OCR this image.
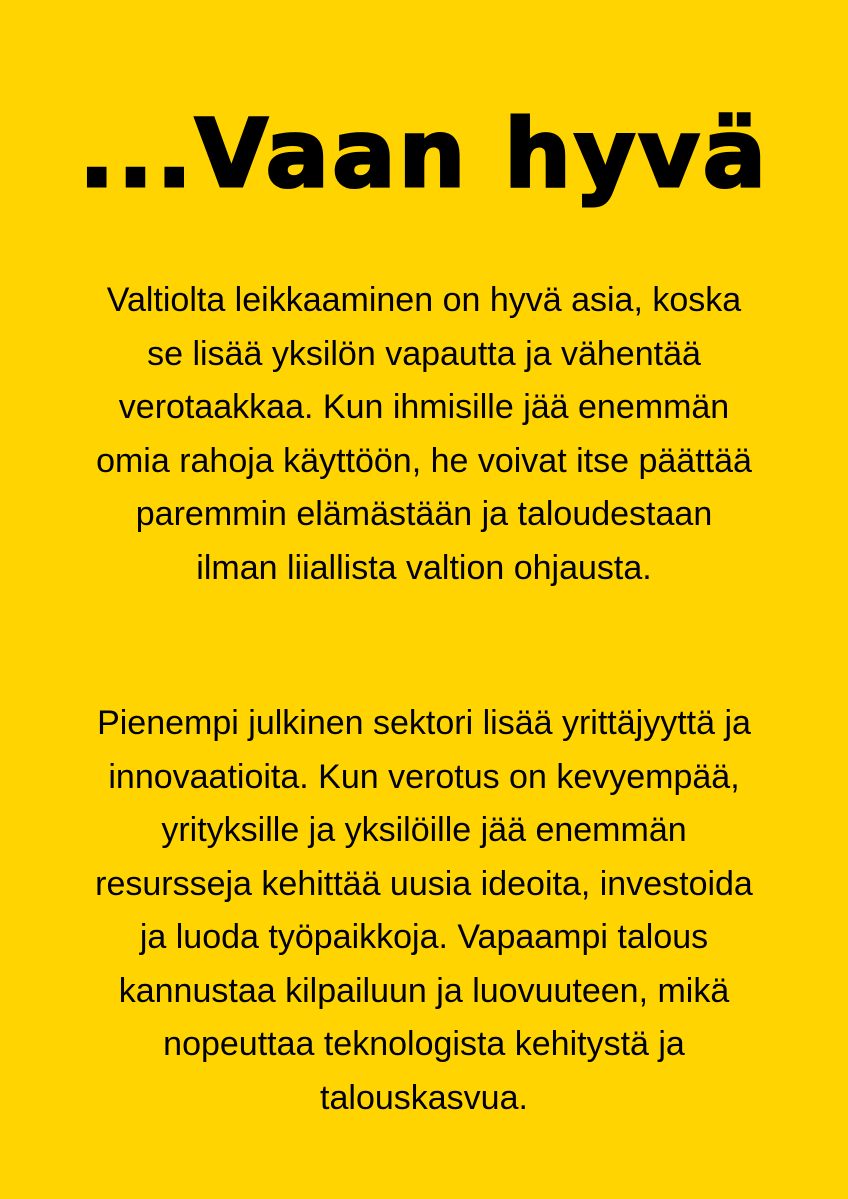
...Vaan hyvä

Valtiolta leikkaaminen on hyvä asia, koska
se lisää yksilön vapautta ja vähentää
verotaakkaa. Kun ihmisille jää enemmän
omia rahoja käyttöön, he voivat itse päättää
paremmin elämästään ja taloudestaan
ilman liiallista valtion ohjausta.

Pienempi julkinen sektori lisää yrittäjyyttä ja
innovaatioita. Kun verotus on kevyempää,
yrityksille ja yksilöille jää enemmän
resursseja kehittää uusia ideoita, investoida
ja luoda työpaikkoja. Vapaampi talous
kannustaa kilpailuun ja luovuuteen, mikä
nopeuttaa teknologista kehitystä ja
talouskasvua.
